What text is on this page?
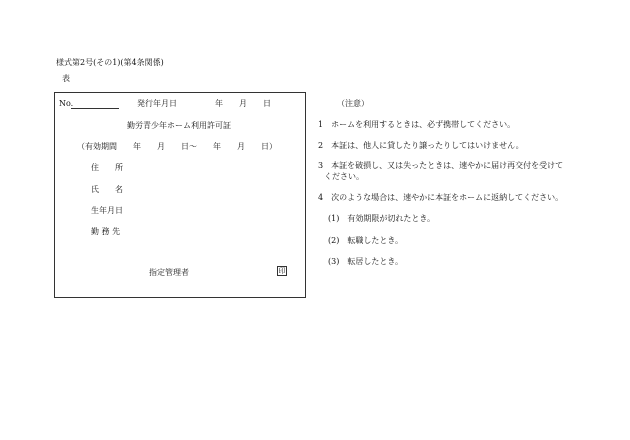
様式第2号(その1)(第4条関係)
表
No.	発行年月日	年　　月　　日
勤労青少年ホーム利用許可証
（有効期間　　年　　月　　日〜　　年　　月　　日）
住　　所
氏　　名
生年月日
勤 務 先
指定管理者	印
（注意）
1　ホームを利用するときは、必ず携帯してください。
2　本証は、他人に貸したり譲ったりしてはいけません。
3　本証を破損し、又は失ったときは、速やかに届け再交付を受けて
ください。
4　次のような場合は、速やかに本証をホームに返納してください。
(1)　有効期限が切れたとき。
(2)　転職したとき。
(3)　転居したとき。
